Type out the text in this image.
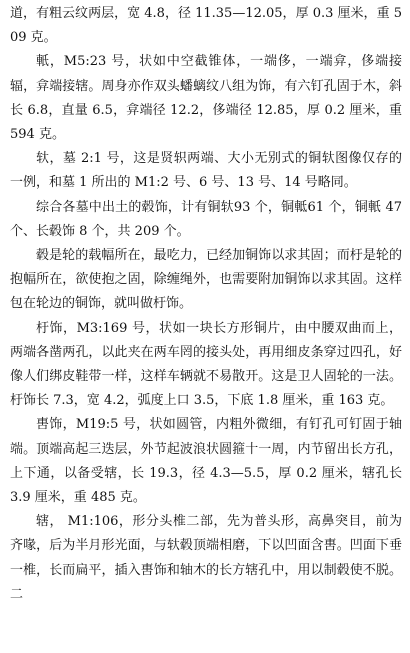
道，有粗云纹两层，宽 4.8，径 11.35—12.05，厚 0.3 厘米，重 509 克。

軝，M5:23 号，状如中空截锥体，一端侈，一端弇，侈端接辐，弇端接辖。周身亦作双头蟠螭纹八组为饰，有六钉孔固于木，斜长 6.8，直量 6.5，弇端径 12.2，侈端径 12.85，厚 0.2 厘米，重 594 克。

轪，墓 2:1 号，这是贤轵两端、大小无别式的铜轪图像仅存的一例，和墓 1 所出的 M1:2 号、6 号、13 号、14 号略同。

综合各墓中出土的毂饰，计有铜轪93 个，铜軧61 个，铜軝 47 个、长毂饰 8 个，共 209 个。

毂是轮的载幅所在，最吃力，已经加铜饰以求其固；而杅是轮的抱幅所在，欲使抱之固，除缠绳外，也需要附加铜饰以求其固。这样包在轮边的铜饰，就叫做杅饰。

杅饰，M3:169 号，状如一块长方形铜片，由中腰双曲而上，两端各凿两孔，以此夹在两车罔的接头处，再用细皮条穿过四孔，好像人们绑皮鞋带一样，这样车辆就不易散开。这是卫人固轮的一法。杅饰长 7.3，宽 4.2，弧度上口 3.5，下底 1.8 厘米，重 163 克。

軎饰，M19:5 号，状如圆管，内粗外微细，有钉孔可钉固于轴端。顶端高起三迭层，外节起波浪状圆箍十一周，内节留出长方孔，上下通，以备受辖，长 19.3，径 4.3—5.5，厚 0.2 厘米，辖孔长 3.9 厘米，重 485 克。

辖， M1:106，形分头椎二部，先为普头形，高鼻突目，前为齐喙，后为半月形光面，与轪毂顶端相磨，下以凹面含軎。凹面下垂一椎，长而扁平，插入軎饰和轴木的长方辖孔中，用以制毂使不脱。二
